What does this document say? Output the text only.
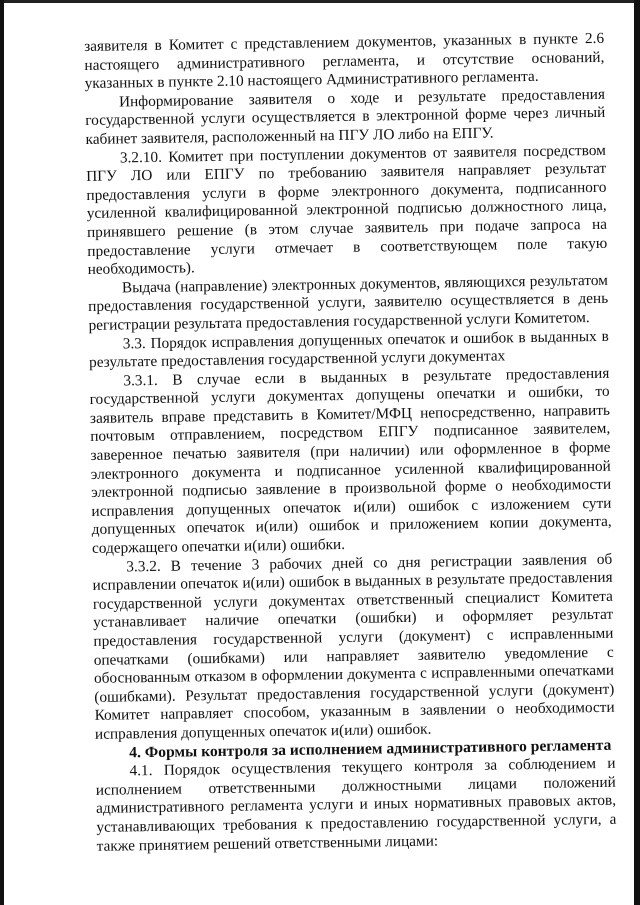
заявителя в Комитет с представлением документов, указанных в пункте 2.6 настоящего административного регламента, и отсутствие оснований, указанных в пункте 2.10 настоящего Административного регламента.

Информирование заявителя о ходе и результате предоставления государственной услуги осуществляется в электронной форме через личный кабинет заявителя, расположенный на ПГУ ЛО либо на ЕПГУ.

3.2.10. Комитет при поступлении документов от заявителя посредством ПГУ ЛО или ЕПГУ по требованию заявителя направляет результат предоставления услуги в форме электронного документа, подписанного усиленной квалифицированной электронной подписью должностного лица, принявшего решение (в этом случае заявитель при подаче запроса на предоставление услуги отмечает в соответствующем поле такую необходимость).

Выдача (направление) электронных документов, являющихся результатом предоставления государственной услуги, заявителю осуществляется в день регистрации результата предоставления государственной услуги Комитетом.

3.3. Порядок исправления допущенных опечаток и ошибок в выданных в результате предоставления государственной услуги документах

3.3.1. В случае если в выданных в результате предоставления государственной услуги документах допущены опечатки и ошибки, то заявитель вправе представить в Комитет/МФЦ непосредственно, направить почтовым отправлением, посредством ЕПГУ подписанное заявителем, заверенное печатью заявителя (при наличии) или оформленное в форме электронного документа и подписанное усиленной квалифицированной электронной подписью заявление в произвольной форме о необходимости исправления допущенных опечаток и(или) ошибок с изложением сути допущенных опечаток и(или) ошибок и приложением копии документа, содержащего опечатки и(или) ошибки.

3.3.2. В течение 3 рабочих дней со дня регистрации заявления об исправлении опечаток и(или) ошибок в выданных в результате предоставления государственной услуги документах ответственный специалист Комитета устанавливает наличие опечатки (ошибки) и оформляет результат предоставления государственной услуги (документ) с исправленными опечатками (ошибками) или направляет заявителю уведомление с обоснованным отказом в оформлении документа с исправленными опечатками (ошибками). Результат предоставления государственной услуги (документ) Комитет направляет способом, указанным в заявлении о необходимости исправления допущенных опечаток и(или) ошибок.

4. Формы контроля за исполнением административного регламента

4.1. Порядок осуществления текущего контроля за соблюдением и исполнением ответственными должностными лицами положений административного регламента услуги и иных нормативных правовых актов, устанавливающих требования к предоставлению государственной услуги, а также принятием решений ответственными лицами:
